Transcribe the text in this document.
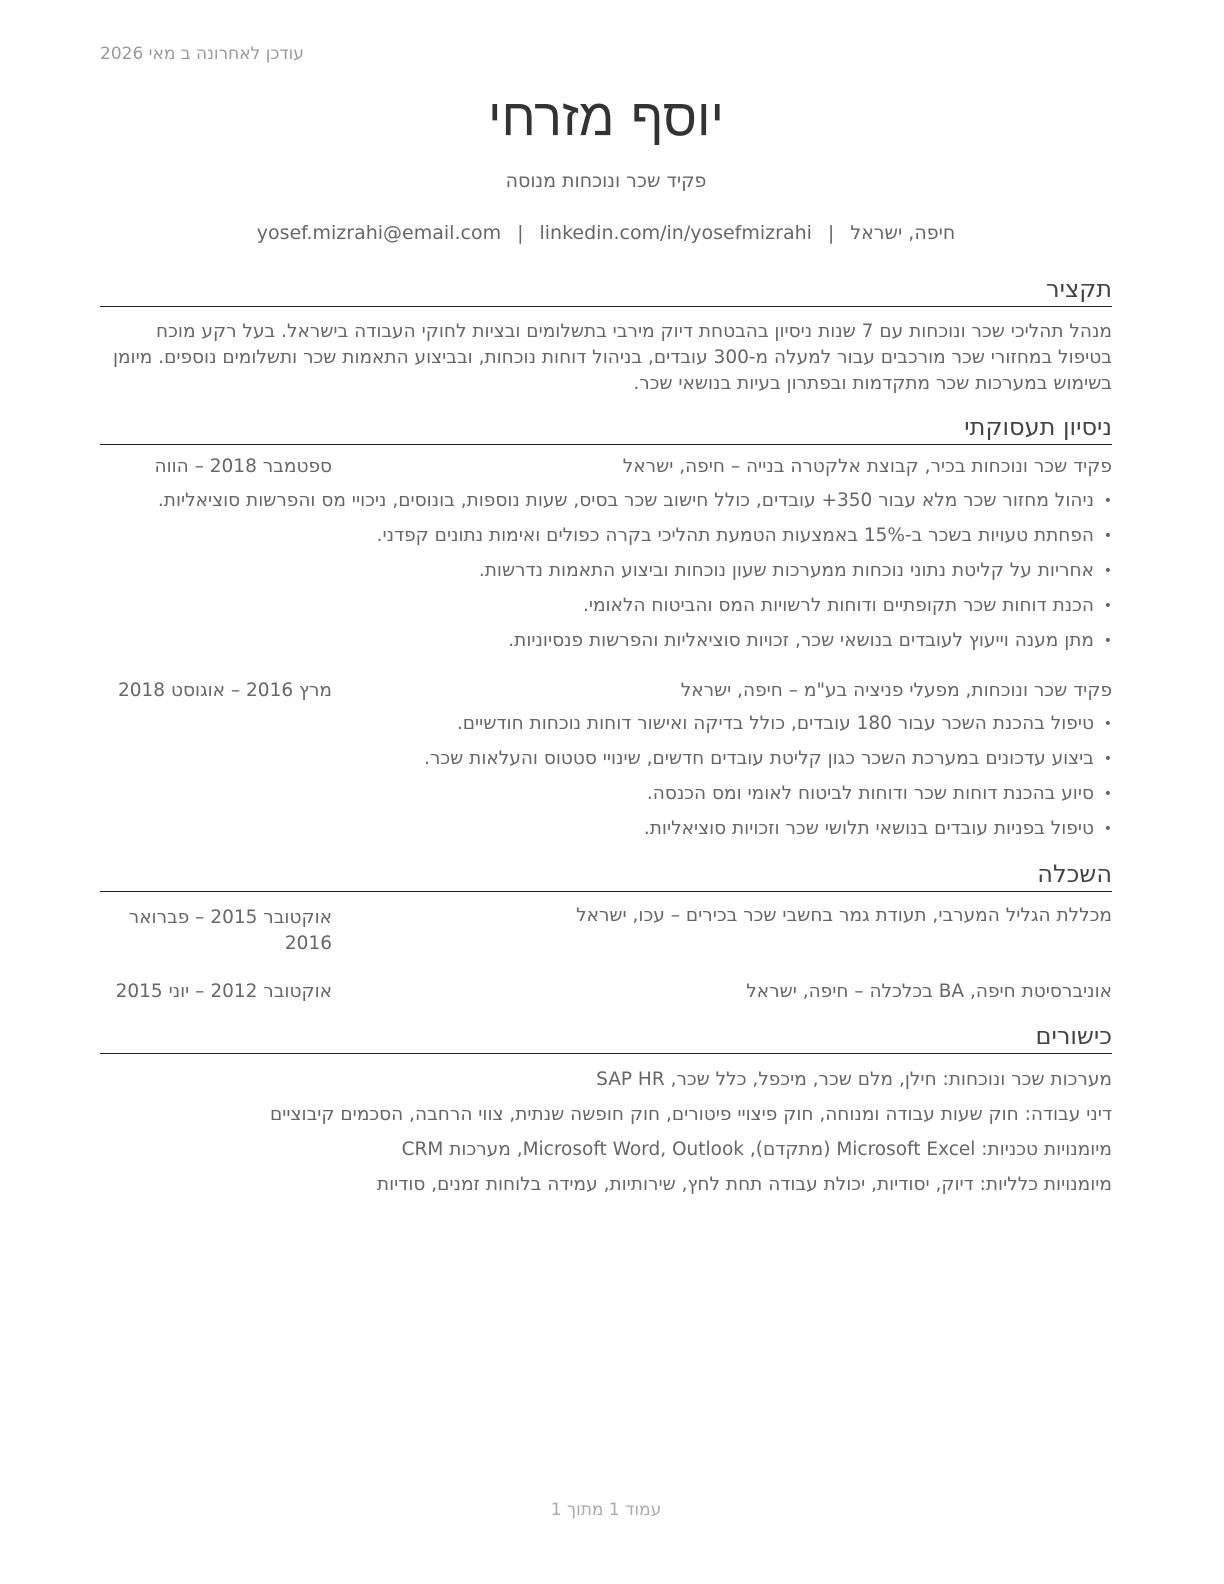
עודכן לאחרונה ב מאי 2026
יוסף מזרחי
פקיד שכר ונוכחות מנוסה
חיפה, ישראל|yosef.mizrahi@email.com | linkedin.com/in/yosefmizrahi
תקציר
מנהל תהליכי שכר ונוכחות עם 7 שנות ניסיון בהבטחת דיוק מירבי בתשלומים ובציות לחוקי העבודה בישראל. בעל רקע מוכח בטיפול במחזורי שכר מורכבים עבור למעלה מ-300 עובדים, בניהול דוחות נוכחות, ובביצוע התאמות שכר ותשלומים נוספים. מיומן בשימוש במערכות שכר מתקדמות ובפתרון בעיות בנושאי שכר.
ניסיון תעסוקתי
פקיד שכר ונוכחות בכיר, קבוצת אלקטרה בנייה – חיפה, ישראל
ספטמבר 2018 – הווה
•
ניהול מחזור שכר מלא עבור 350+ עובדים, כולל חישוב שכר בסיס, שעות נוספות, בונוסים, ניכויי מס והפרשות סוציאליות.
•
הפחתת טעויות בשכר ב-15% באמצעות הטמעת תהליכי בקרה כפולים ואימות נתונים קפדני.
•
אחריות על קליטת נתוני נוכחות ממערכות שעון נוכחות וביצוע התאמות נדרשות.
•
הכנת דוחות שכר תקופתיים ודוחות לרשויות המס והביטוח הלאומי.
•
מתן מענה וייעוץ לעובדים בנושאי שכר, זכויות סוציאליות והפרשות פנסיוניות.
פקיד שכר ונוכחות, מפעלי פניציה בע"מ – חיפה, ישראל
מרץ 2016 – אוגוסט 2018
•
טיפול בהכנת השכר עבור 180 עובדים, כולל בדיקה ואישור דוחות נוכחות חודשיים.
•
ביצוע עדכונים במערכת השכר כגון קליטת עובדים חדשים, שינויי סטטוס והעלאות שכר.
•
סיוע בהכנת דוחות שכר ודוחות לביטוח לאומי ומס הכנסה.
•
טיפול בפניות עובדים בנושאי תלושי שכר וזכויות סוציאליות.
השכלה
מכללת הגליל המערבי, תעודת גמר בחשבי שכר בכירים – עכו, ישראל
אוקטובר 2015 – פברואר
2016
אוניברסיטת חיפה, BA בכלכלה – חיפה, ישראל
אוקטובר 2012 – יוני 2015
כישורים
מערכות שכר ונוכחות: חילן, מלם שכר, מיכפל, כלל שכר, SAP HR
דיני עבודה: חוק שעות עבודה ומנוחה, חוק פיצויי פיטורים, חוק חופשה שנתית, צווי הרחבה, הסכמים קיבוציים
מיומנויות טכניות: Microsoft Excel (מתקדם), Microsoft Word, Outlook, מערכות CRM
מיומנויות כלליות: דיוק, יסודיות, יכולת עבודה תחת לחץ, שירותיות, עמידה בלוחות זמנים, סודיות
עמוד 1 מתוך 1
